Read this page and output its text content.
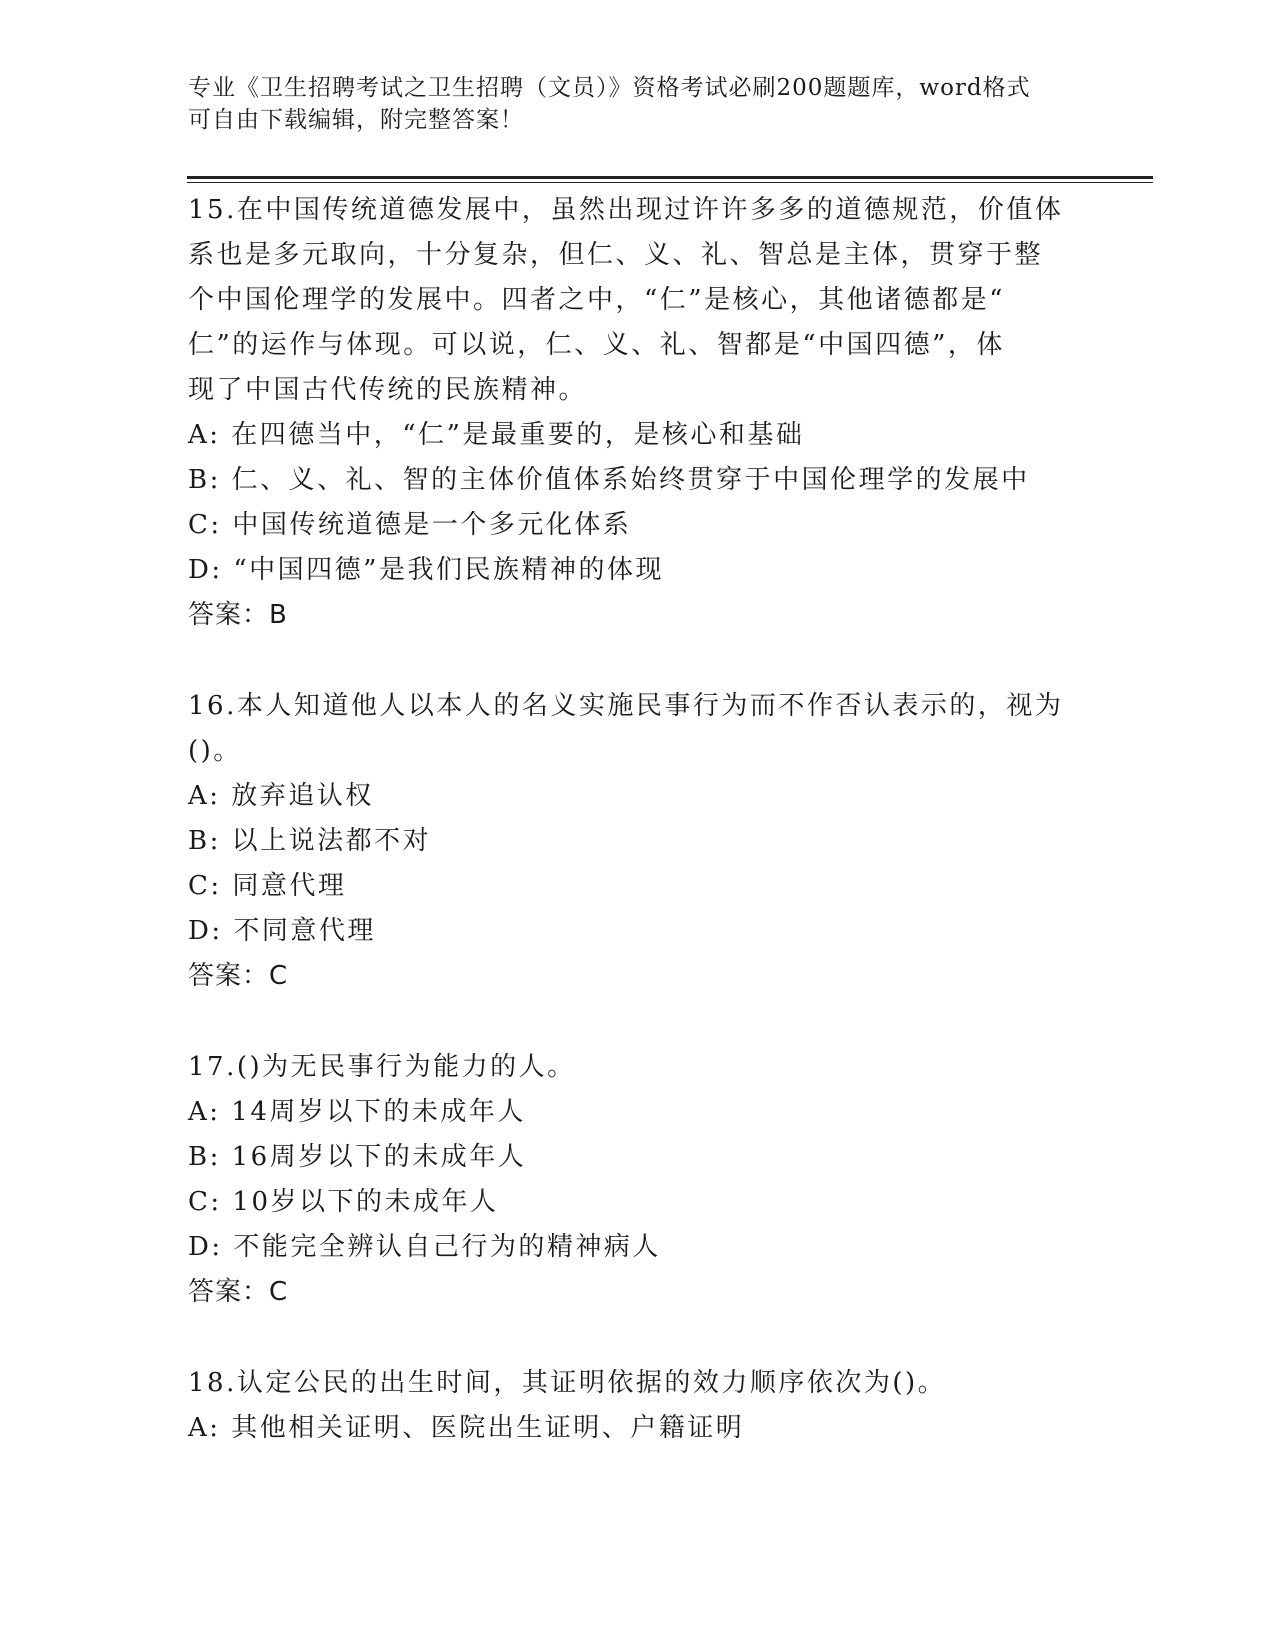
专业《卫生招聘考试之卫生招聘（文员）》资格考试必刷200题题库，word格式
可自由下载编辑，附完整答案！
15.在中国传统道德发展中，虽然出现过许许多多的道德规范，价值体
系也是多元取向，十分复杂，但仁、义、礼、智总是主体，贯穿于整
个中国伦理学的发展中。四者之中，“仁”是核心，其他诸德都是“
仁”的运作与体现。可以说，仁、义、礼、智都是“中国四德”，体
现了中国古代传统的民族精神。
A: 在四德当中，“仁”是最重要的，是核心和基础
B: 仁、义、礼、智的主体价值体系始终贯穿于中国伦理学的发展中
C: 中国传统道德是一个多元化体系
D: “中国四德”是我们民族精神的体现
答案：B
16.本人知道他人以本人的名义实施民事行为而不作否认表示的，视为
()。
A: 放弃追认权
B: 以上说法都不对
C: 同意代理
D: 不同意代理
答案：C
17.()为无民事行为能力的人。
A: 14周岁以下的未成年人
B: 16周岁以下的未成年人
C: 10岁以下的未成年人
D: 不能完全辨认自己行为的精神病人
答案：C
18.认定公民的出生时间，其证明依据的效力顺序依次为()。
A: 其他相关证明、医院出生证明、户籍证明
